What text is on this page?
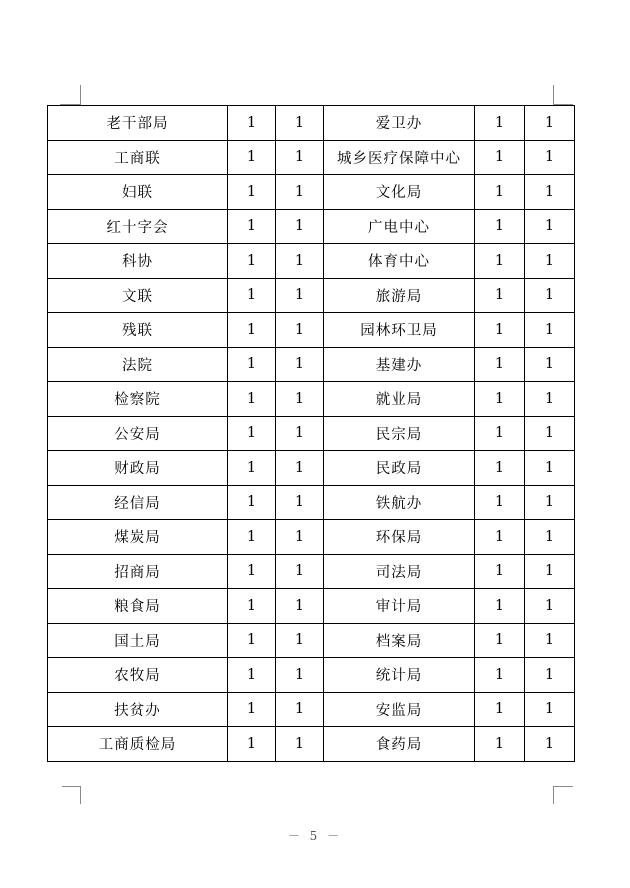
老干部局	1	1	爱卫办	1	1
工商联	1	1	城乡医疗保障中心	1	1
妇联	1	1	文化局	1	1
红十字会	1	1	广电中心	1	1
科协	1	1	体育中心	1	1
文联	1	1	旅游局	1	1
残联	1	1	园林环卫局	1	1
法院	1	1	基建办	1	1
检察院	1	1	就业局	1	1
公安局	1	1	民宗局	1	1
财政局	1	1	民政局	1	1
经信局	1	1	铁航办	1	1
煤炭局	1	1	环保局	1	1
招商局	1	1	司法局	1	1
粮食局	1	1	审计局	1	1
国土局	1	1	档案局	1	1
农牧局	1	1	统计局	1	1
扶贫办	1	1	安监局	1	1
工商质检局	1	1	食药局	1	1
－ 5 －
